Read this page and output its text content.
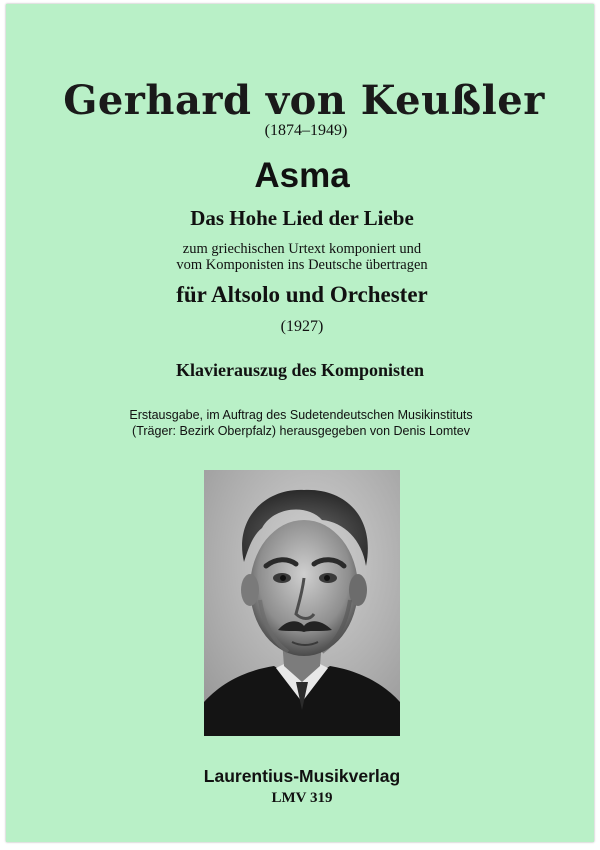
Gerhard von Keußler
(1874–1949)
Asma
Das Hohe Lied der Liebe
zum griechischen Urtext komponiert und
vom Komponisten ins Deutsche übertragen
für Altsolo und Orchester
(1927)
Klavierauszug des Komponisten
Erstausgabe, im Auftrag des Sudetendeutschen Musikinstituts
(Träger: Bezirk Oberpfalz) herausgegeben von Denis Lomtev
Laurentius-Musikverlag
LMV 319
